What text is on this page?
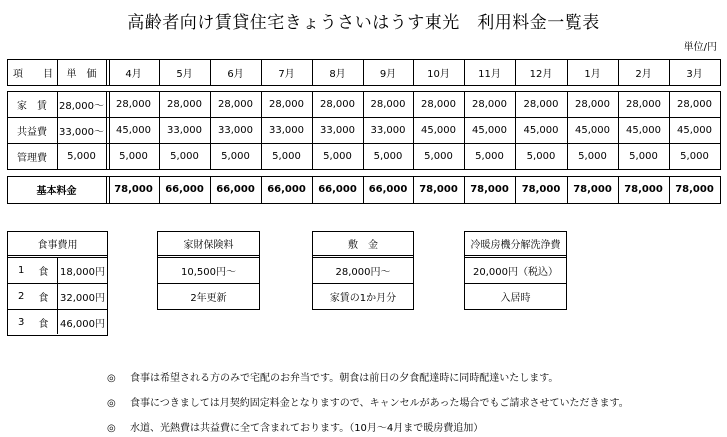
高齢者向け賃貸住宅きょうさいはうす東光　利用料金一覧表
単位/円
項　　目	単　価	4月	5月	6月	7月	8月	9月	10月	11月	12月	1月	2月	3月
家　賃	28,000～	28,000	28,000	28,000	28,000	28,000	28,000	28,000	28,000	28,000	28,000	28,000	28,000
共益費	33,000～	45,000	33,000	33,000	33,000	33,000	33,000	45,000	45,000	45,000	45,000	45,000	45,000
管理費	5,000	5,000	5,000	5,000	5,000	5,000	5,000	5,000	5,000	5,000	5,000	5,000	5,000
基本料金	78,000	66,000	66,000	66,000	66,000	66,000	78,000	78,000	78,000	78,000	78,000	78,000
食事費用
1 食 18,000円
2 食 32,000円
3 食 46,000円
家財保険料
10,500円～
2年更新
敷　金
28,000円～
家賃の1か月分
冷暖房機分解洗浄費
20,000円（税込）
入居時
◎ 食事は希望される方のみで宅配のお弁当です。朝食は前日の夕食配達時に同時配達いたします。
◎ 食事につきましては月契約固定料金となりますので、キャンセルがあった場合でもご請求させていただきます。
◎ 水道、光熱費は共益費に全て含まれております。（10月～4月まで暖房費追加）
